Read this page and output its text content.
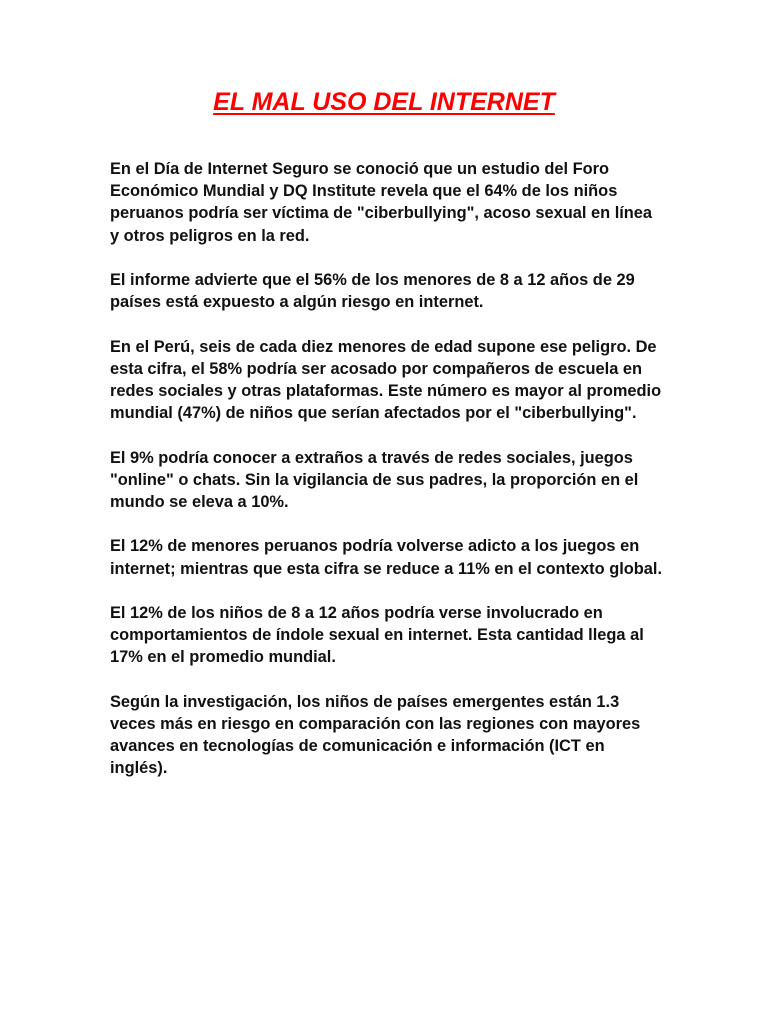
EL MAL USO DEL INTERNET

En el Día de Internet Seguro se conoció que un estudio del Foro Económico Mundial y DQ Institute revela que el 64% de los niños peruanos podría ser víctima de "ciberbullying", acoso sexual en línea y otros peligros en la red.

El informe advierte que el 56% de los menores de 8 a 12 años de 29 países está expuesto a algún riesgo en internet.

En el Perú, seis de cada diez menores de edad supone ese peligro. De esta cifra, el 58% podría ser acosado por compañeros de escuela en redes sociales y otras plataformas. Este número es mayor al promedio mundial (47%) de niños que serían afectados por el "ciberbullying".

El 9% podría conocer a extraños a través de redes sociales, juegos "online" o chats. Sin la vigilancia de sus padres, la proporción en el mundo se eleva a 10%.

El 12% de menores peruanos podría volverse adicto a los juegos en internet; mientras que esta cifra se reduce a 11% en el contexto global.

El 12% de los niños de 8 a 12 años podría verse involucrado en comportamientos de índole sexual en internet. Esta cantidad llega al 17% en el promedio mundial.

Según la investigación, los niños de países emergentes están 1.3 veces más en riesgo en comparación con las regiones con mayores avances en tecnologías de comunicación e información (ICT en inglés).
